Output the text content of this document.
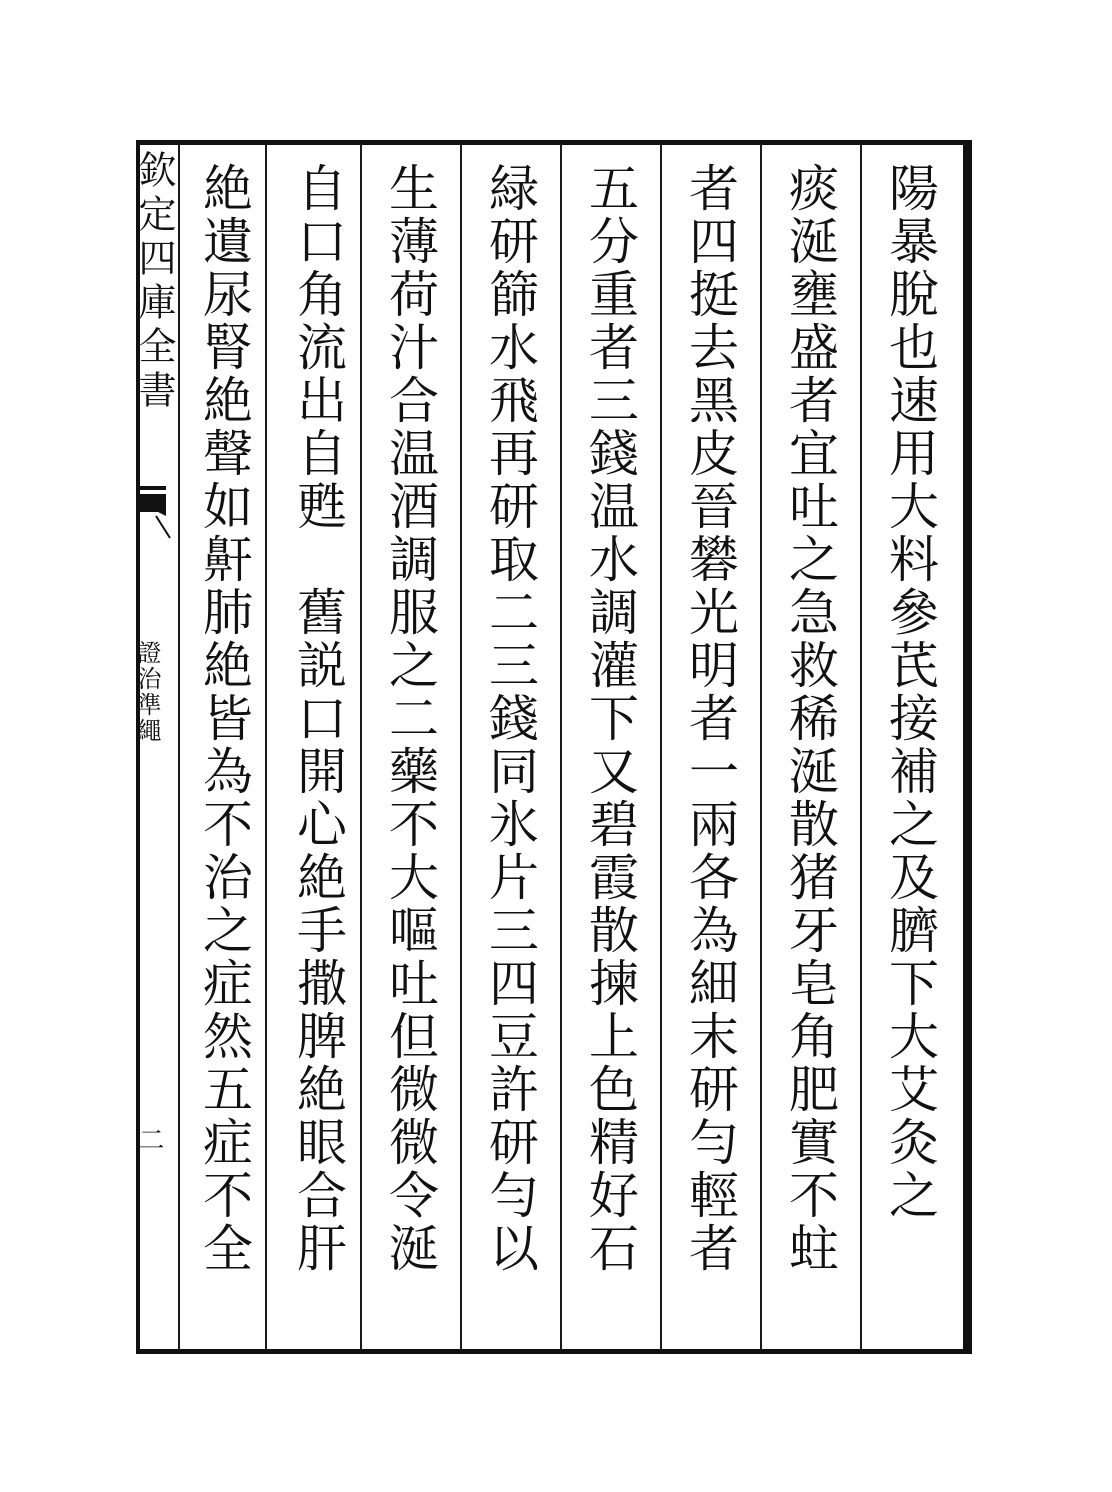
欽定四庫全書
證治準繩
二	陽暴脫也速用大料參芪接補之及臍下大艾灸之
痰涎壅盛者宜吐之急救稀涎散猪牙皂角肥實不蛀
者四挺去黑皮晉礬光明者一兩各為細末研勻輕者
五分重者三錢温水調灌下又碧霞散揀上色精好石
緑研篩水飛再研取二三錢同氷片三四豆許研勻以
生薄荷汁合温酒調服之二藥不大嘔吐但微微令涎
自口角流出自甦　舊説口開心絶手撒脾絶眼合肝
絶遺尿腎絶聲如鼾肺絶皆為不治之症然五症不全
